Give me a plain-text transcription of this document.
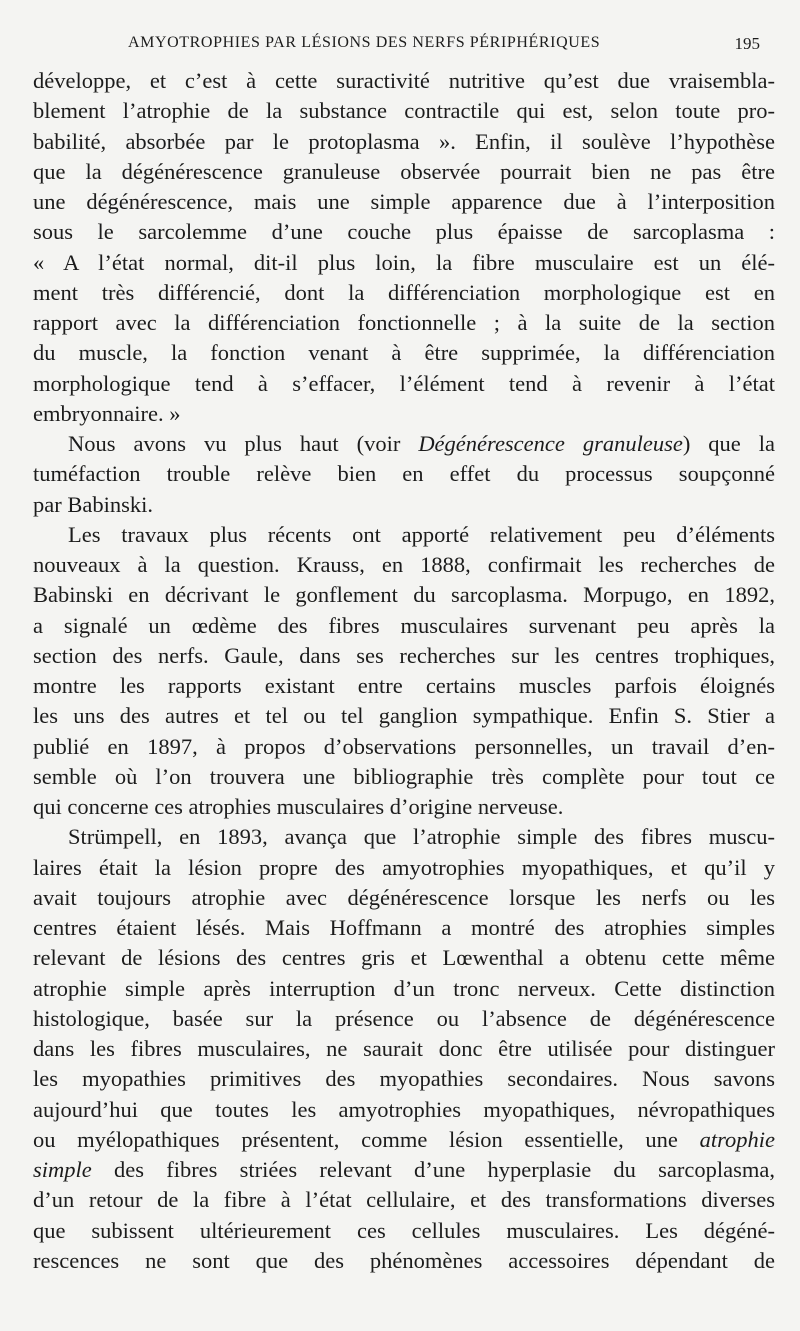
AMYOTROPHIES PAR LÉSIONS DES NERFS PÉRIPHÉRIQUES	195
développe, et c’est à cette suractivité nutritive qu’est due vraisembla-
blement l’atrophie de la substance contractile qui est, selon toute pro-
babilité, absorbée par le protoplasma ». Enfin, il soulève l’hypothèse
que la dégénérescence granuleuse observée pourrait bien ne pas être
une dégénérescence, mais une simple apparence due à l’interposition
sous le sarcolemme d’une couche plus épaisse de sarcoplasma :
« A l’état normal, dit-il plus loin, la fibre musculaire est un élé-
ment très différencié, dont la différenciation morphologique est en
rapport avec la différenciation fonctionnelle ; à la suite de la section
du muscle, la fonction venant à être supprimée, la différenciation
morphologique tend à s’effacer, l’élément tend à revenir à l’état
embryonnaire. »
Nous avons vu plus haut (voir Dégénérescence granuleuse) que la
tuméfaction trouble relève bien en effet du processus soupçonné
par Babinski.
Les travaux plus récents ont apporté relativement peu d’éléments
nouveaux à la question. Krauss, en 1888, confirmait les recherches de
Babinski en décrivant le gonflement du sarcoplasma. Morpugo, en 1892,
a signalé un œdème des fibres musculaires survenant peu après la
section des nerfs. Gaule, dans ses recherches sur les centres trophiques,
montre les rapports existant entre certains muscles parfois éloignés
les uns des autres et tel ou tel ganglion sympathique. Enfin S. Stier a
publié en 1897, à propos d’observations personnelles, un travail d’en-
semble où l’on trouvera une bibliographie très complète pour tout ce
qui concerne ces atrophies musculaires d’origine nerveuse.
Strümpell, en 1893, avança que l’atrophie simple des fibres muscu-
laires était la lésion propre des amyotrophies myopathiques, et qu’il y
avait toujours atrophie avec dégénérescence lorsque les nerfs ou les
centres étaient lésés. Mais Hoffmann a montré des atrophies simples
relevant de lésions des centres gris et Lœwenthal a obtenu cette même
atrophie simple après interruption d’un tronc nerveux. Cette distinction
histologique, basée sur la présence ou l’absence de dégénérescence
dans les fibres musculaires, ne saurait donc être utilisée pour distinguer
les myopathies primitives des myopathies secondaires. Nous savons
aujourd’hui que toutes les amyotrophies myopathiques, névropathiques
ou myélopathiques présentent, comme lésion essentielle, une atrophie
simple des fibres striées relevant d’une hyperplasie du sarcoplasma,
d’un retour de la fibre à l’état cellulaire, et des transformations diverses
que subissent ultérieurement ces cellules musculaires. Les dégéné-
rescences ne sont que des phénomènes accessoires dépendant de
